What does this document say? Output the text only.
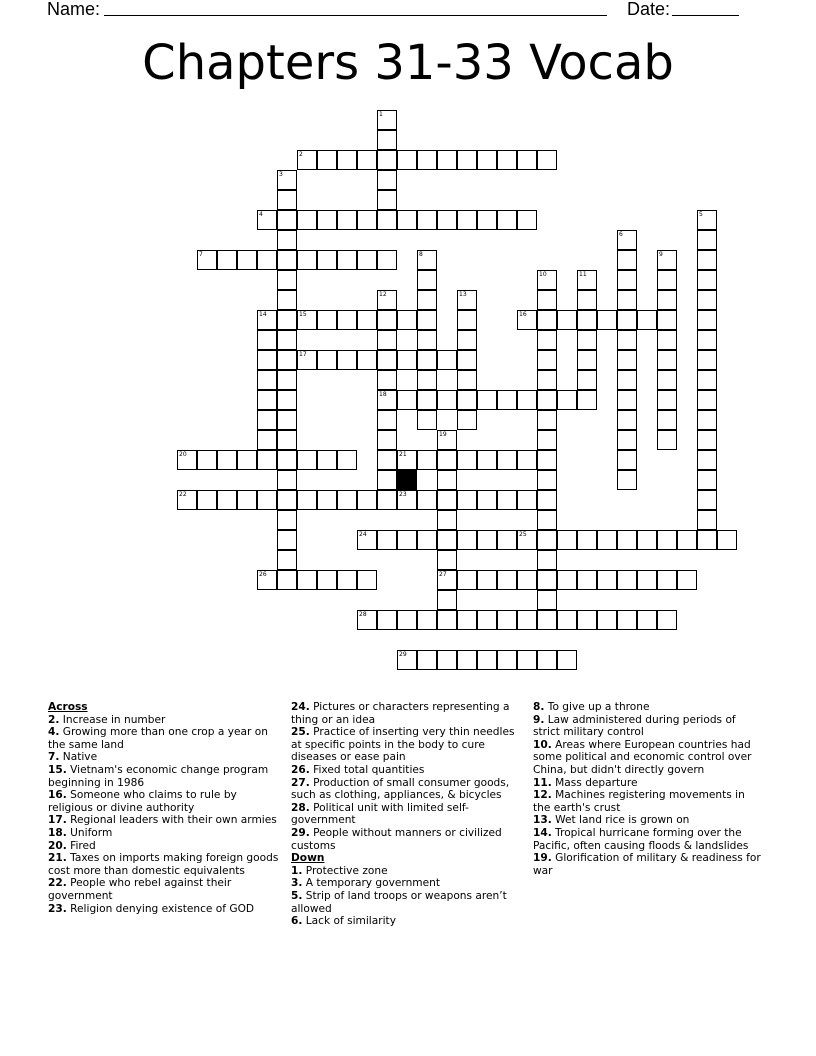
Name:	Date:
Chapters 31-33 Vocab
1
2
3
4	5
6
7	8	9
10	11
12
18
13
14	15	16
17
19
27
20	21
22	23
24	25
26
28
29
Across
2. Increase in number
4. Growing more than one crop a year on the same land
7. Native
15. Vietnam's economic change program beginning in 1986
16. Someone who claims to rule by religious or divine authority
17. Regional leaders with their own armies
18. Uniform
20. Fired
21. Taxes on imports making foreign goods cost more than domestic equivalents
22. People who rebel against their government
23. Religion denying existence of GOD
24. Pictures or characters representing a thing or an idea
25. Practice of inserting very thin needles at specific points in the body to cure diseases or ease pain
26. Fixed total quantities
27. Production of small consumer goods, such as clothing, appliances, & bicycles
28. Political unit with limited self-government
29. People without manners or civilized customs
Down
1. Protective zone
3. A temporary government
5. Strip of land troops or weapons aren’t allowed
6. Lack of similarity
8. To give up a throne
9. Law administered during periods of strict military control
10. Areas where European countries had some political and economic control over China, but didn't directly govern
11. Mass departure
12. Machines registering movements in the earth's crust
13. Wet land rice is grown on
14. Tropical hurricane forming over the Pacific, often causing floods & landslides
19. Glorification of military & readiness for war
